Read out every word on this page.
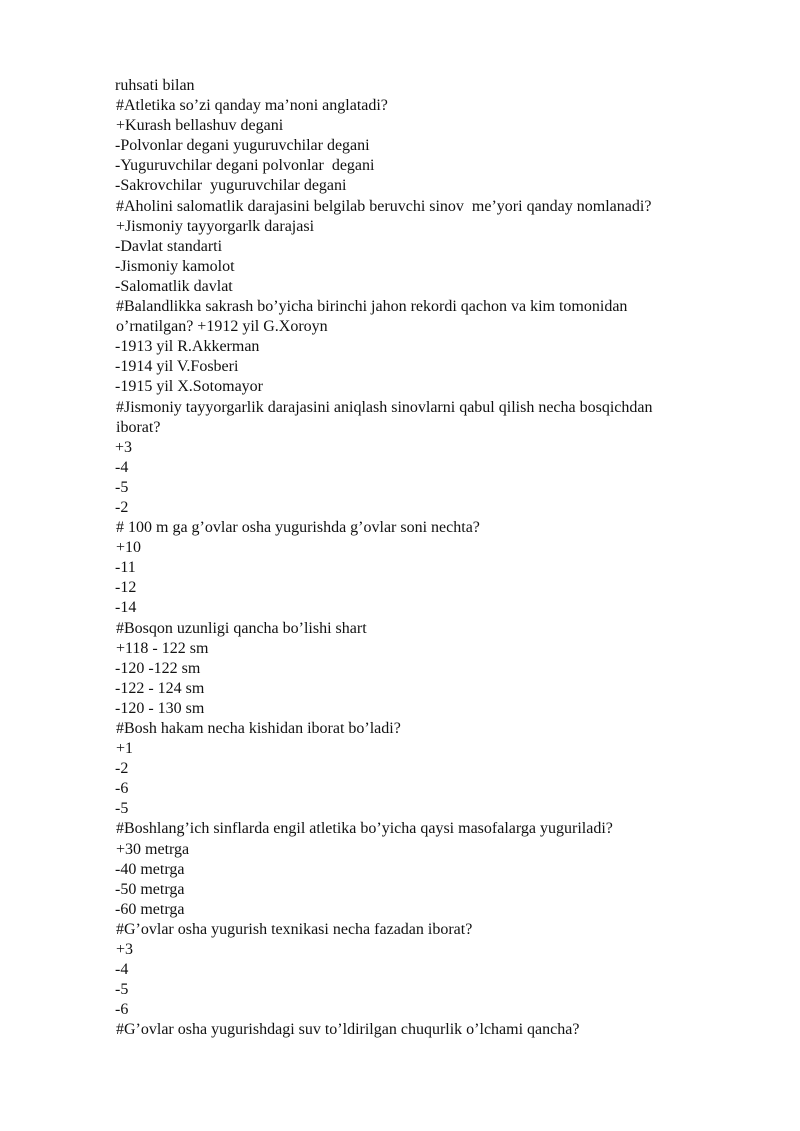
ruhsati bilan

#Atletika so’zi qanday ma’noni anglatadi?

+Kurash bellashuv degani

-Polvonlar degani yuguruvchilar degani

-Yuguruvchilar degani polvonlar  degani

-Sakrovchilar  yuguruvchilar degani

#Aholini salomatlik darajasini belgilab beruvchi sinov  me’yori qanday nomlanadi?

+Jismoniy tayyorgarlk darajasi

-Davlat standarti

-Jismoniy kamolot

-Salomatlik davlat

#Balandlikka sakrash bo’yicha birinchi jahon rekordi qachon va kim tomonidan

o’rnatilgan? +1912 yil G.Xoroyn

-1913 yil R.Akkerman

-1914 yil V.Fosberi

-1915 yil X.Sotomayor

#Jismoniy tayyorgarlik darajasini aniqlash sinovlarni qabul qilish necha bosqichdan

iborat?

+3

-4

-5

-2

# 100 m ga g’ovlar osha yugurishda g’ovlar soni nechta?

+10

-11

-12

-14

#Bosqon uzunligi qancha bo’lishi shart

+118 - 122 sm

-120 -122 sm

-122 - 124 sm

-120 - 130 sm

#Bosh hakam necha kishidan iborat bo’ladi?

+1

-2

-6

-5

#Boshlang’ich sinflarda engil atletika bo’yicha qaysi masofalarga yuguriladi?

+30 metrga

-40 metrga

-50 metrga

-60 metrga

#G’ovlar osha yugurish texnikasi necha fazadan iborat?

+3

-4

-5

-6

#G’ovlar osha yugurishdagi suv to’ldirilgan chuqurlik o’lchami qancha?
